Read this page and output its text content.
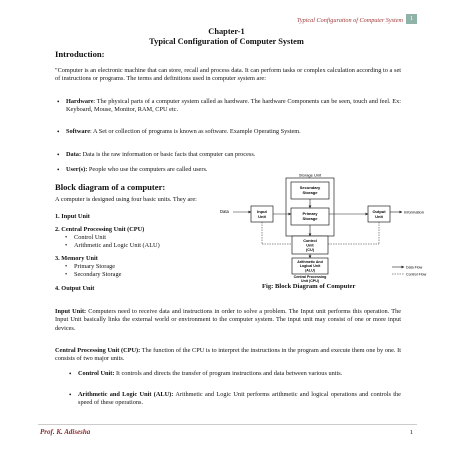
Typical Configuration of Computer System	1
Chapter-1
Typical Configuration of Computer System
Introduction:
"Computer is an electronic machine that can store, recall and process data. It can perform tasks or complex calculation according to a set of instructions or programs. The terms and definitions used in computer system are:
• Hardware: The physical parts of a computer system called as hardware. The hardware Components can be seen, touch and feel. Ex: Keyboard, Mouse, Monitor, RAM, CPU etc.
• Software: A Set or collection of programs is known as software. Example Operating System.
• Data: Data is the raw information or basic facts that computer can process.
• User(s): People who use the computers are called users.
Block diagram of a computer:
A computer is designed using four basic units. They are:
1. Input Unit
2. Central Processing Unit (CPU)
• Control Unit
• Arithmetic and Logic Unit (ALU)
3. Memory Unit
• Primary Storage
• Secondary Storage
4. Output Unit
Storage Unit
Secondary
Storage
Primary
Storage
Input
Unit
Output
Unit
Data	Information
Control
Unit
(CU)
Arithmetic And
Logical Unit
(ALU)
Central Processing
Unit (CPU)
Data Flow
Control Flow
Fig: Block Diagram of Computer
Input Unit: Computers need to receive data and instructions in order to solve a problem. The Input unit performs this operation. The Input Unit basically links the external world or environment to the computer system. The input unit may consist of one or more input devices.
Central Processing Unit (CPU): The function of the CPU is to interpret the instructions in the program and execute them one by one. It consists of two major units.
• Control Unit: It controls and directs the transfer of program instructions and data between various units.
• Arithmetic and Logic Unit (ALU): Arithmetic and Logic Unit performs arithmetic and logical operations and controls the speed of these operations.
Prof. K. Adisesha	1
